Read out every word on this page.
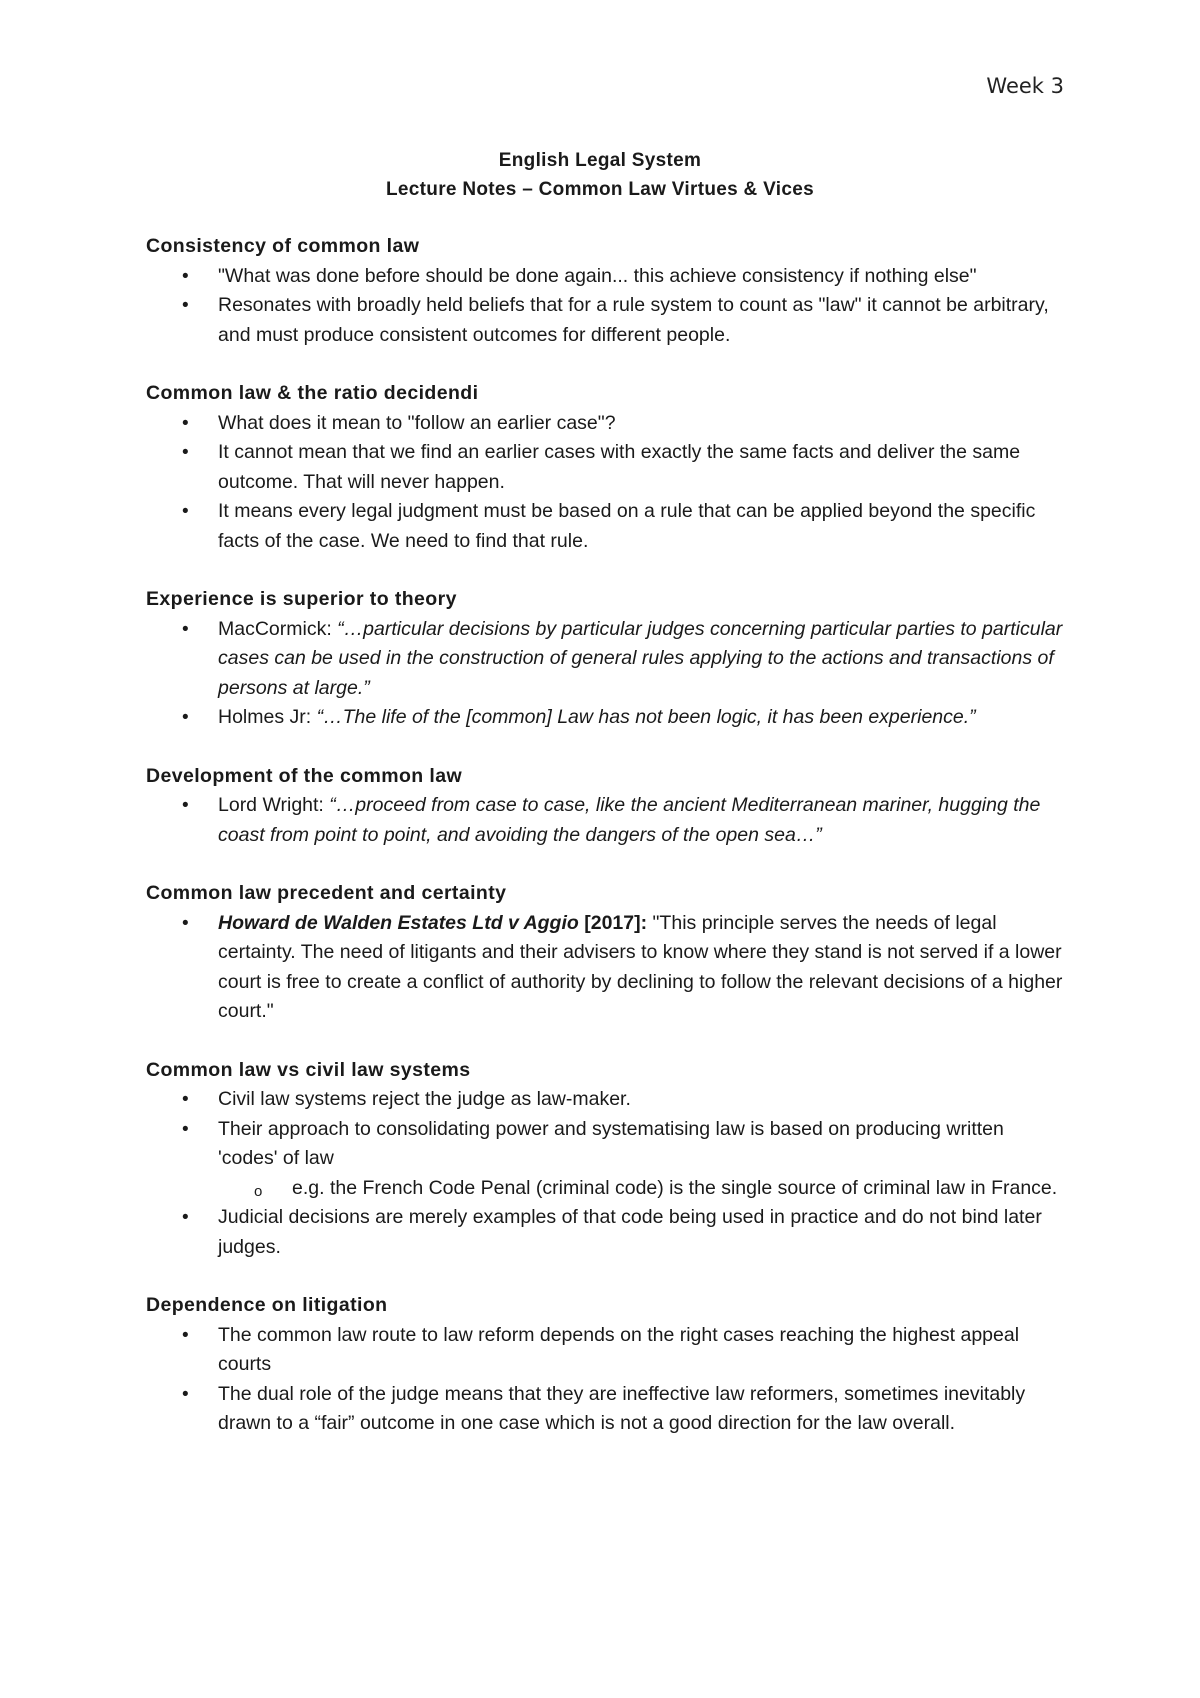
Week 3
English Legal System
Lecture Notes – Common Law Virtues & Vices
Consistency of common law
• "What was done before should be done again... this achieve consistency if nothing else"
• Resonates with broadly held beliefs that for a rule system to count as "law" it cannot be arbitrary, and must produce consistent outcomes for different people.
Common law & the ratio decidendi
• What does it mean to "follow an earlier case"?
• It cannot mean that we find an earlier cases with exactly the same facts and deliver the same outcome. That will never happen.
• It means every legal judgment must be based on a rule that can be applied beyond the specific facts of the case. We need to find that rule.
Experience is superior to theory
• MacCormick: “…particular decisions by particular judges concerning particular parties to particular cases can be used in the construction of general rules applying to the actions and transactions of persons at large.”
• Holmes Jr: “…The life of the [common] Law has not been logic, it has been experience.”
Development of the common law
• Lord Wright: “…proceed from case to case, like the ancient Mediterranean mariner, hugging the coast from point to point, and avoiding the dangers of the open sea…”
Common law precedent and certainty
• Howard de Walden Estates Ltd v Aggio [2017]: "This principle serves the needs of legal certainty. The need of litigants and their advisers to know where they stand is not served if a lower court is free to create a conflict of authority by declining to follow the relevant decisions of a higher court."
Common law vs civil law systems
• Civil law systems reject the judge as law-maker.
• Their approach to consolidating power and systematising law is based on producing written 'codes' of law
o e.g. the French Code Penal (criminal code) is the single source of criminal law in France.
• Judicial decisions are merely examples of that code being used in practice and do not bind later judges.
Dependence on litigation
• The common law route to law reform depends on the right cases reaching the highest appeal courts
• The dual role of the judge means that they are ineffective law reformers, sometimes inevitably drawn to a “fair” outcome in one case which is not a good direction for the law overall.
